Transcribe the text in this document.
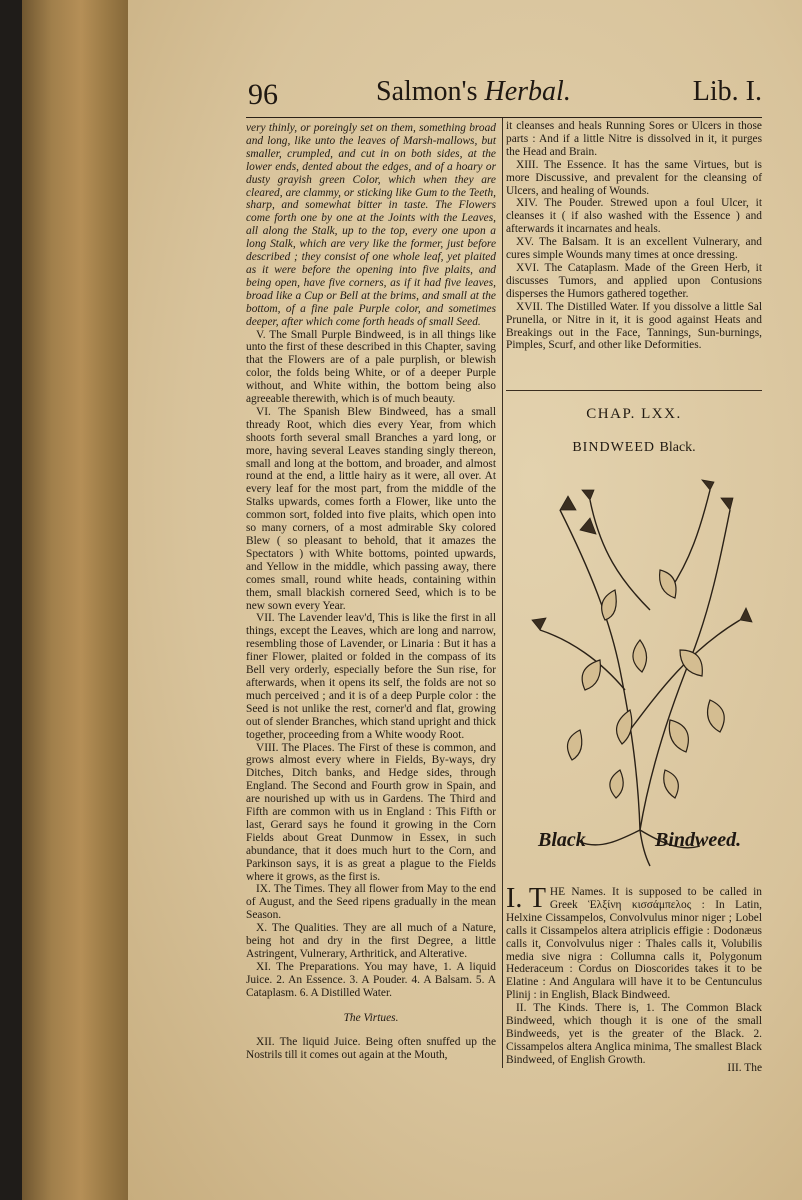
96	Salmon's Herbal.	Lib. I.

very thinly, or poreingly set on them, something broad and long, like unto the leaves of Marsh-mallows, but smaller, crumpled, and cut in on both sides, at the lower ends, dented about the edges, and of a hoary or dusty grayish green Color, which when they are cleared, are clammy, or sticking like Gum to the Teeth, sharp, and somewhat bitter in taste. The Flowers come forth one by one at the Joints with the Leaves, all along the Stalk, up to the top, every one upon a long Stalk, which are very like the former, just before described ; they consist of one whole leaf, yet plaited as it were before the opening into five plaits, and being open, have five corners, as if it had five leaves, broad like a Cup or Bell at the brims, and small at the bottom, of a fine pale Purple color, and sometimes deeper, after which come forth heads of small Seed.

V. The Small Purple Bindweed, is in all things like unto the first of these described in this Chapter, saving that the Flowers are of a pale purplish, or blewish color, the folds being White, or of a deeper Purple without, and White within, the bottom being also agreeable therewith, which is of much beauty.

VI. The Spanish Blew Bindweed, has a small thready Root, which dies every Year, from which shoots forth several small Branches a yard long, or more, having several Leaves standing singly thereon, small and long at the bottom, and broader, and almost round at the end, a little hairy as it were, all over. At every leaf for the most part, from the middle of the Stalks upwards, comes forth a Flower, like unto the common sort, folded into five plaits, which open into so many corners, of a most admirable Sky colored Blew ( so pleasant to behold, that it amazes the Spectators ) with White bottoms, pointed upwards, and Yellow in the middle, which passing away, there comes small, round white heads, containing within them, small blackish cornered Seed, which is to be new sown every Year.

VII. The Lavender leav'd, This is like the first in all things, except the Leaves, which are long and narrow, resembling those of Lavender, or Linaria : But it has a finer Flower, plaited or folded in the compass of its Bell very orderly, especially before the Sun rise, for afterwards, when it opens its self, the folds are not so much perceived ; and it is of a deep Purple color : the Seed is not unlike the rest, corner'd and flat, growing out of slender Branches, which stand upright and thick together, proceeding from a White woody Root.

VIII. The Places. The First of these is common, and grows almost every where in Fields, By-ways, dry Ditches, Ditch banks, and Hedge sides, through England. The Second and Fourth grow in Spain, and are nourished up with us in Gardens. The Third and Fifth are common with us in England : This Fifth or last, Gerard says he found it growing in the Corn Fields about Great Dunmow in Essex, in such abundance, that it does much hurt to the Corn, and Parkinson says, it is as great a plague to the Fields where it grows, as the first is.

IX. The Times. They all flower from May to the end of August, and the Seed ripens gradually in the mean Season.

X. The Qualities. They are all much of a Nature, being hot and dry in the first Degree, a little Astringent, Vulnerary, Arthritick, and Alterative.

XI. The Preparations. You may have, 1. A liquid Juice. 2. An Essence. 3. A Pouder. 4. A Balsam. 5. A Cataplasm. 6. A Distilled Water.

The Virtues.

XII. The liquid Juice. Being often snuffed up the Nostrils till it comes out again at the Mouth,

it cleanses and heals Running Sores or Ulcers in those parts : And if a little Nitre is dissolved in it, it purges the Head and Brain.

XIII. The Essence. It has the same Virtues, but is more Discussive, and prevalent for the cleansing of Ulcers, and healing of Wounds.

XIV. The Pouder. Strewed upon a foul Ulcer, it cleanses it ( if also washed with the Essence ) and afterwards it incarnates and heals.

XV. The Balsam. It is an excellent Vulnerary, and cures simple Wounds many times at once dressing.

XVI. The Cataplasm. Made of the Green Herb, it discusses Tumors, and applied upon Contusions disperses the Humors gathered together.

XVII. The Distilled Water. If you dissolve a little Sal Prunella, or Nitre in it, it is good against Heats and Breakings out in the Face, Tannings, Sun-burnings, Pimples, Scurf, and other like Deformities.

CHAP. LXX.
BINDWEED Black.
Black	Bindweed.

I. T HE Names. It is supposed to be called in Greek Ἑλξίνη κισσάμπελος : In Latin, Helxine Cissampelos, Convolvulus minor niger ; Lobel calls it Cissampelos altera atriplicis effigie : Dodonæus calls it, Convolvulus niger : Thales calls it, Volubilis media sive nigra : Collumna calls it, Polygonum Hederaceum : Cordus on Dioscorides takes it to be Elatine : And Angulara will have it to be Centunculus Plinij : in English, Black Bindweed.

II. The Kinds. There is, 1. The Common Black Bindweed, which though it is one of the small Bindweeds, yet is the greater of the Black. 2. Cissampelos altera Anglica minima, The smallest Black Bindweed, of English Growth.

III. The
